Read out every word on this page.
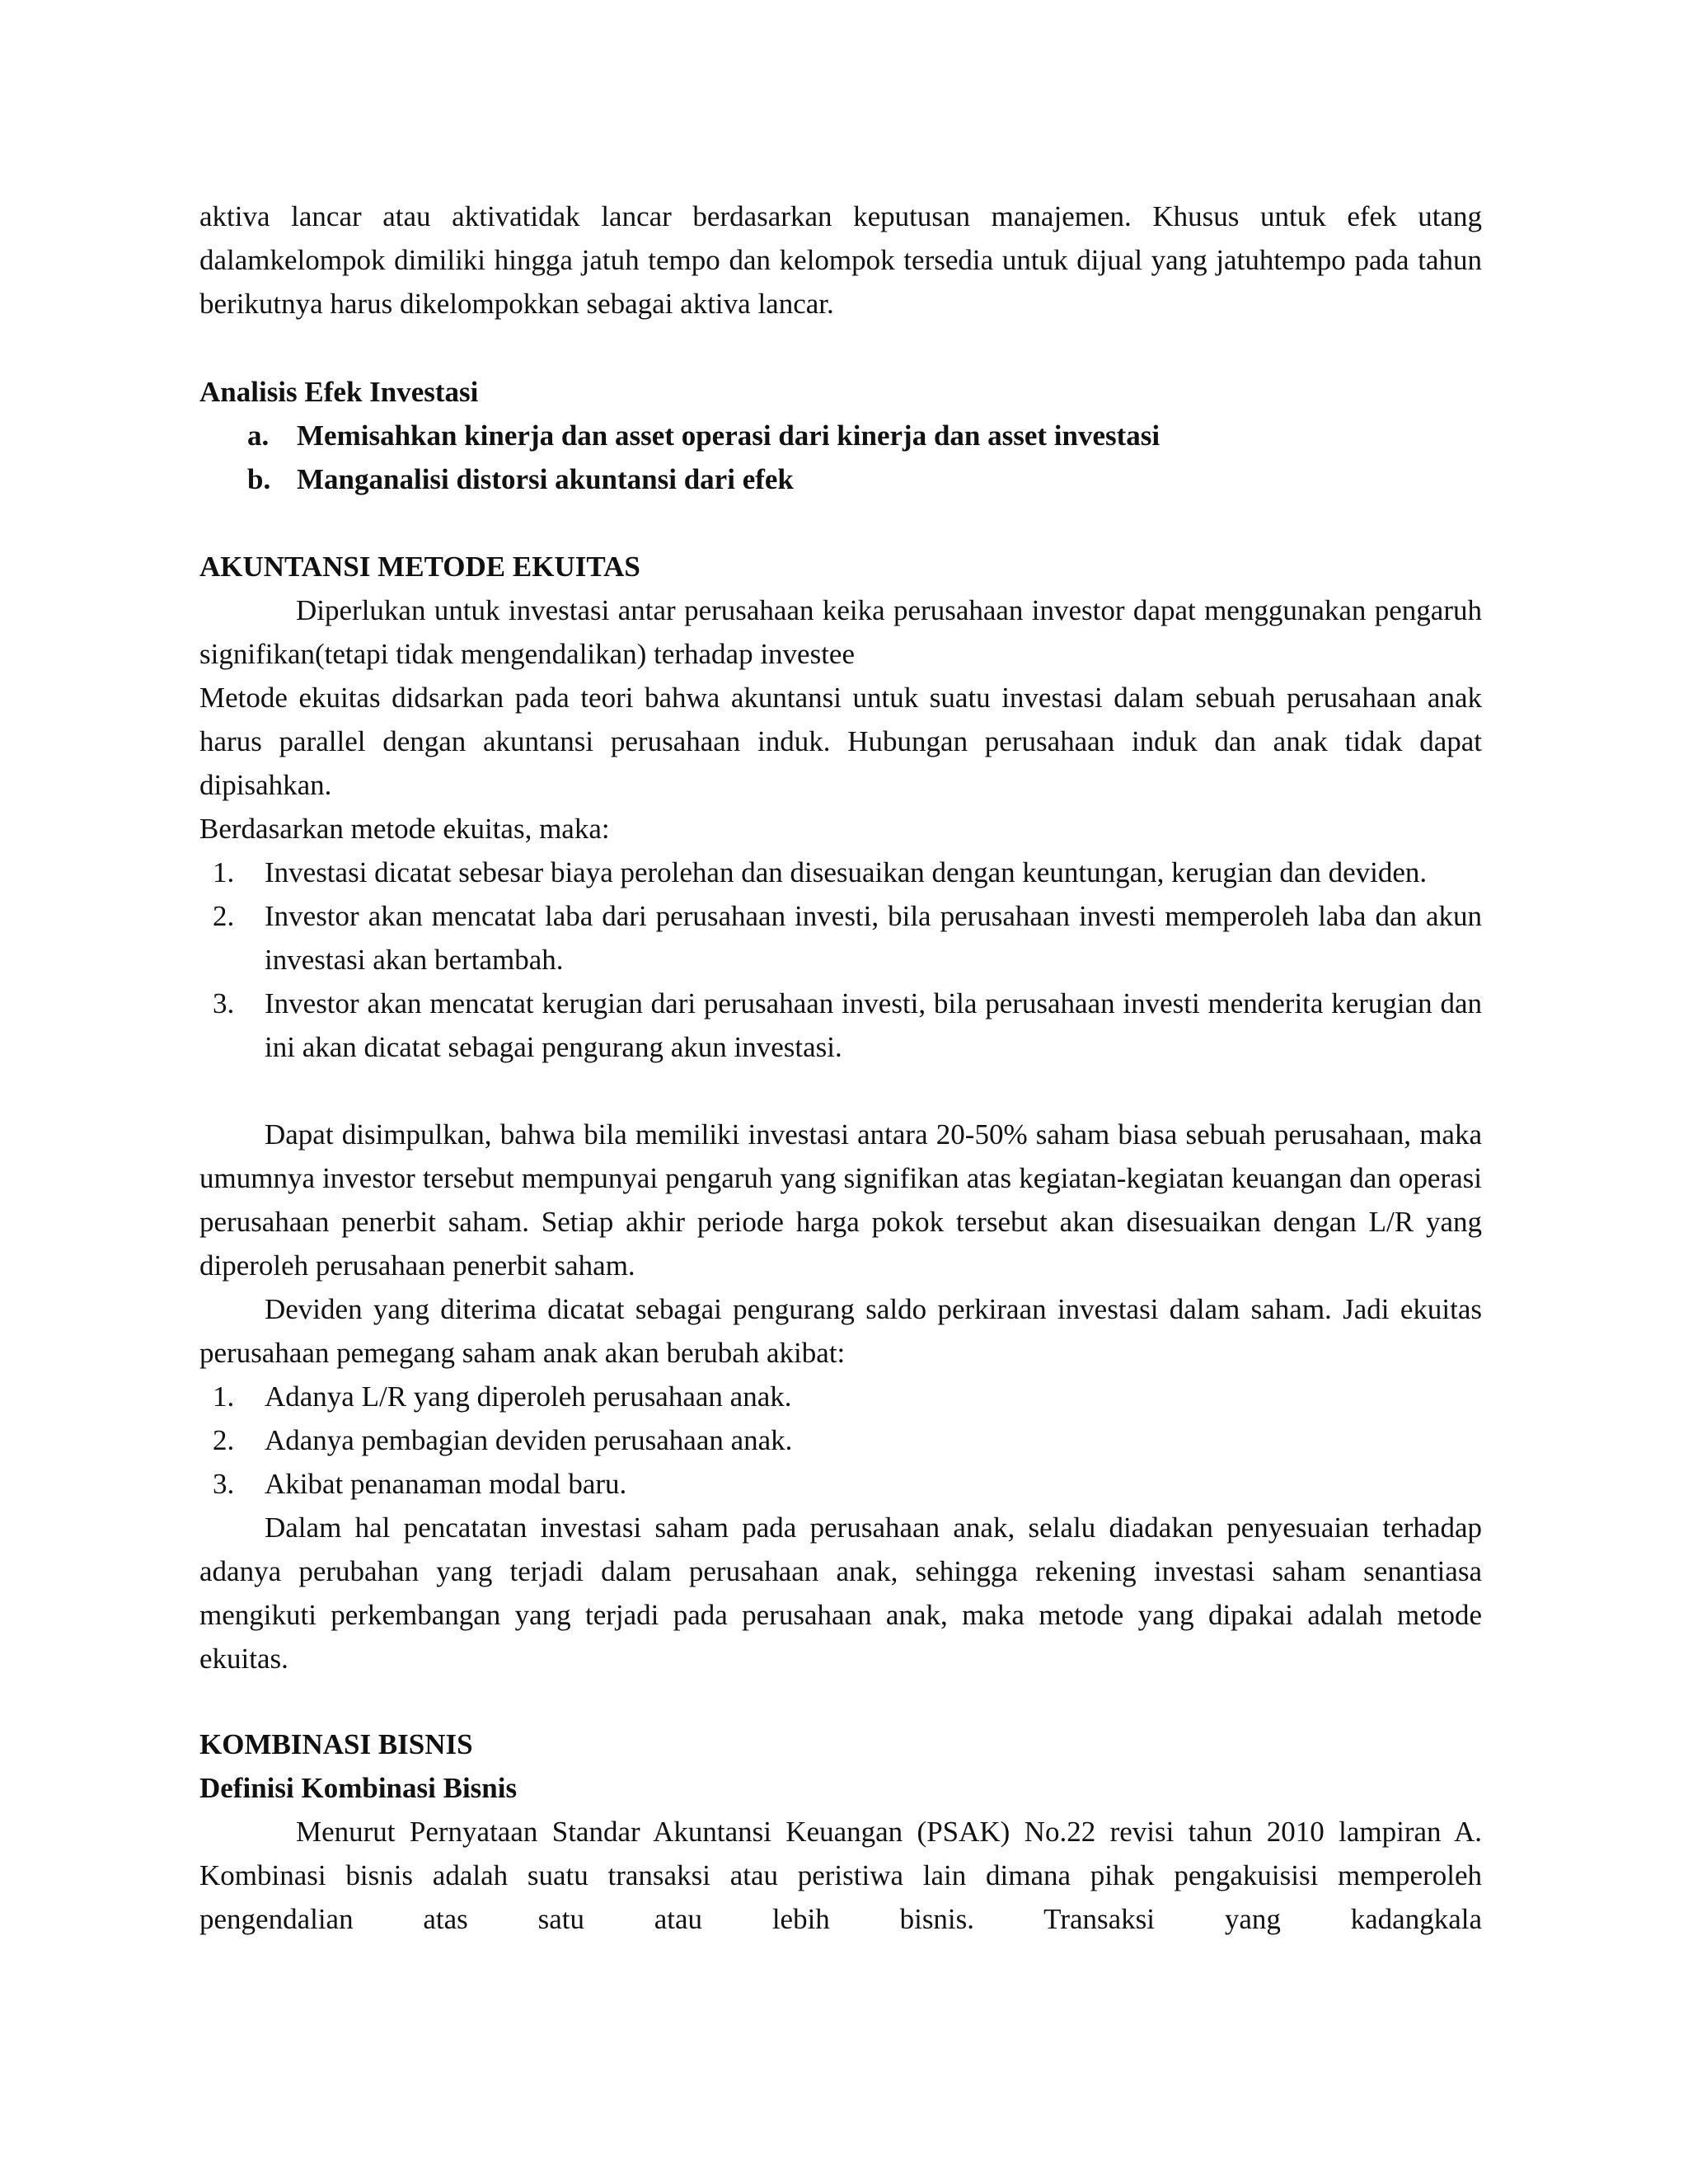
aktiva lancar atau aktivatidak lancar berdasarkan keputusan manajemen. Khusus untuk efek utang dalamkelompok dimiliki hingga jatuh tempo dan kelompok tersedia untuk dijual yang jatuhtempo pada tahun berikutnya harus dikelompokkan sebagai aktiva lancar.

Analisis Efek Investasi

a. Memisahkan kinerja dan asset operasi dari kinerja dan asset investasi

b. Manganalisi distorsi akuntansi dari efek

AKUNTANSI METODE EKUITAS

Diperlukan untuk investasi antar perusahaan keika perusahaan investor dapat menggunakan pengaruh signifikan(tetapi tidak mengendalikan) terhadap investee

Metode ekuitas didsarkan pada teori bahwa akuntansi untuk suatu investasi dalam sebuah perusahaan anak harus parallel dengan akuntansi perusahaan induk. Hubungan perusahaan induk dan anak tidak dapat dipisahkan.

Berdasarkan metode ekuitas, maka:

1. Investasi dicatat sebesar biaya perolehan dan disesuaikan dengan keuntungan, kerugian dan deviden.
2. Investor akan mencatat laba dari perusahaan investi, bila perusahaan investi memperoleh laba dan akun investasi akan bertambah.
3. Investor akan mencatat kerugian dari perusahaan investi, bila perusahaan investi menderita kerugian dan ini akan dicatat sebagai pengurang akun investasi.

Dapat disimpulkan, bahwa bila memiliki investasi antara 20-50% saham biasa sebuah perusahaan, maka umumnya investor tersebut mempunyai pengaruh yang signifikan atas kegiatan-kegiatan keuangan dan operasi perusahaan penerbit saham. Setiap akhir periode harga pokok tersebut akan disesuaikan dengan L/R yang diperoleh perusahaan penerbit saham.

Deviden yang diterima dicatat sebagai pengurang saldo perkiraan investasi dalam saham. Jadi ekuitas perusahaan pemegang saham anak akan berubah akibat:

1. Adanya L/R yang diperoleh perusahaan anak.
2. Adanya pembagian deviden perusahaan anak.
3. Akibat penanaman modal baru.

Dalam hal pencatatan investasi saham pada perusahaan anak, selalu diadakan penyesuaian terhadap adanya perubahan yang terjadi dalam perusahaan anak, sehingga rekening investasi saham senantiasa mengikuti perkembangan yang terjadi pada perusahaan anak, maka metode yang dipakai adalah metode ekuitas.

KOMBINASI BISNIS

Definisi Kombinasi Bisnis

Menurut Pernyataan Standar Akuntansi Keuangan (PSAK) No.22 revisi tahun 2010 lampiran A. Kombinasi bisnis adalah suatu transaksi atau peristiwa lain dimana pihak pengakuisisi memperoleh pengendalian atas satu atau lebih bisnis. Transaksi yang kadangkala
